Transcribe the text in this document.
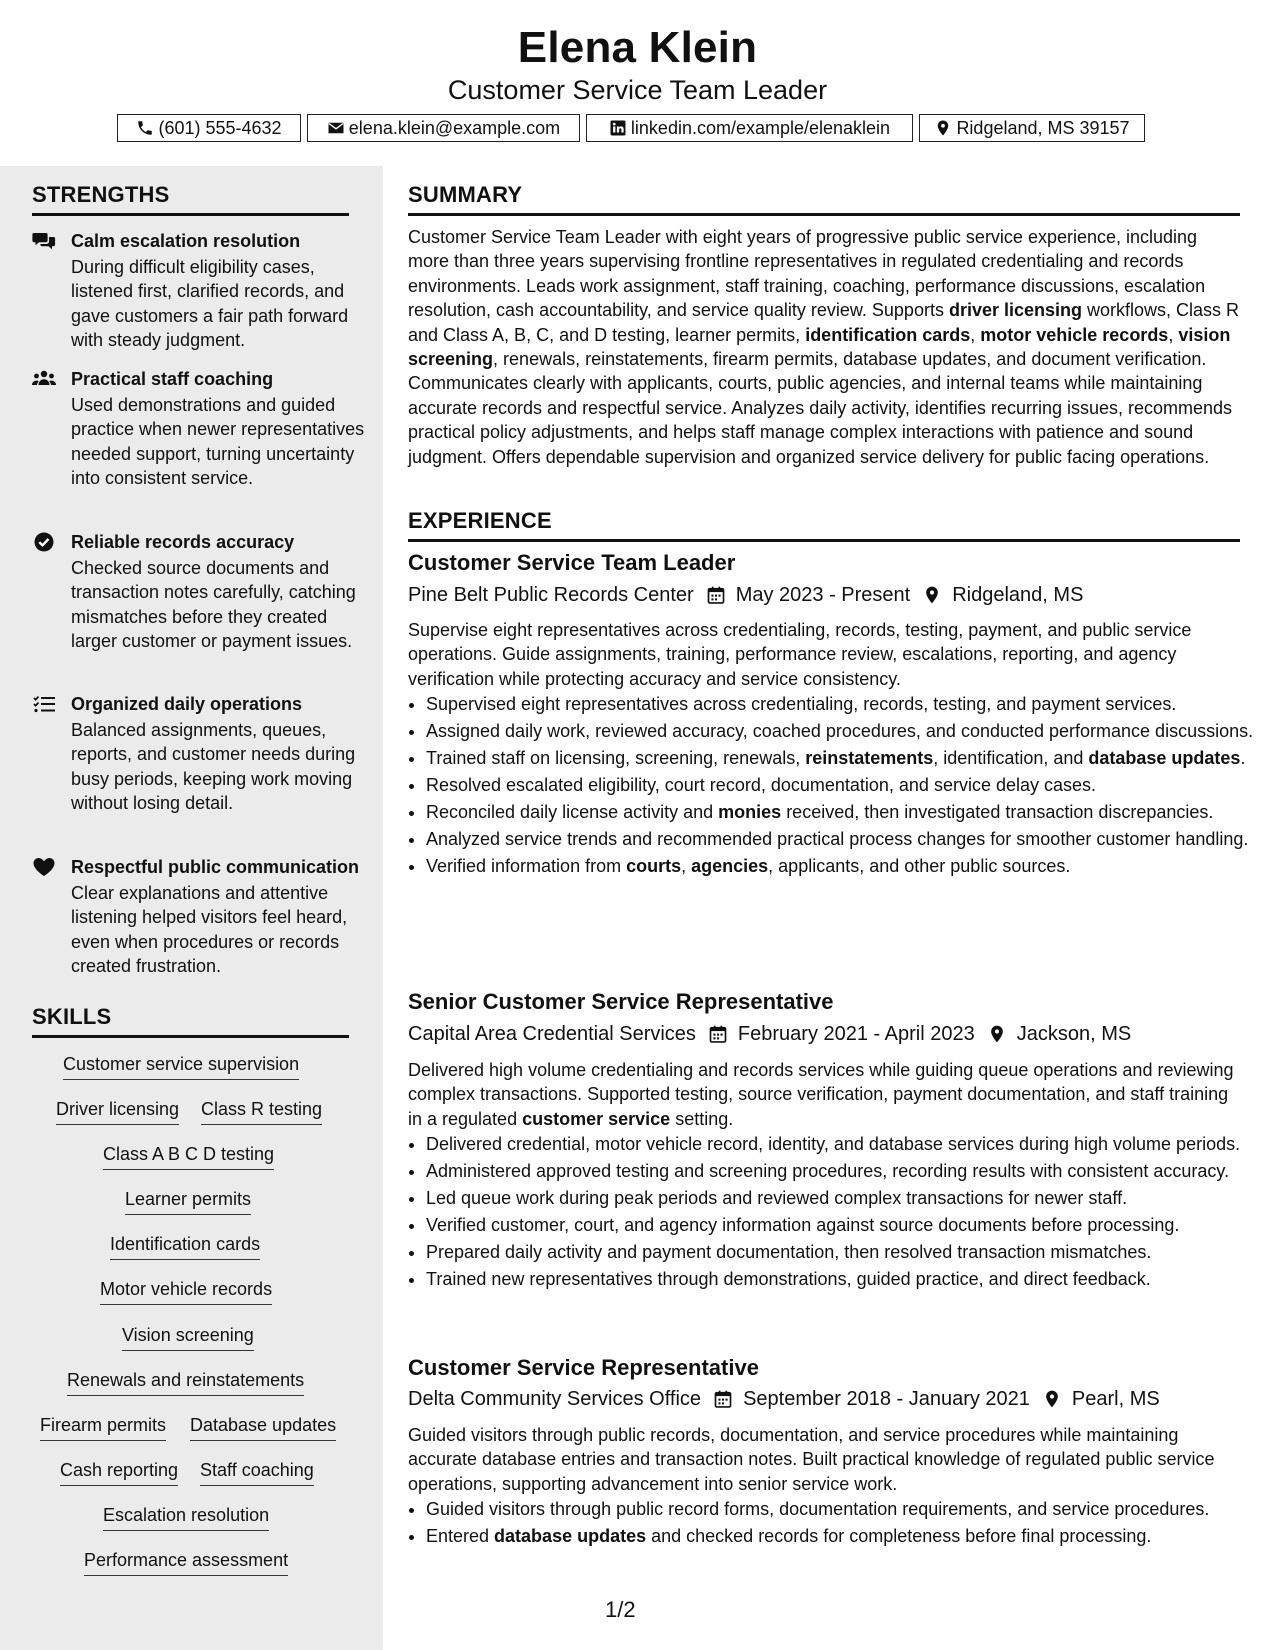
Elena Klein
Customer Service Team Leader
(601) 555-4632	elena.klein@example.com	linkedin.com/example/elenaklein	Ridgeland, MS 39157
STRENGTHS
Calm escalation resolution
During difficult eligibility cases, listened first, clarified records, and gave customers a fair path forward with steady judgment.
Practical staff coaching
Used demonstrations and guided practice when newer representatives needed support, turning uncertainty into consistent service.
Reliable records accuracy
Checked source documents and transaction notes carefully, catching mismatches before they created larger customer or payment issues.
Organized daily operations
Balanced assignments, queues, reports, and customer needs during busy periods, keeping work moving without losing detail.
Respectful public communication
Clear explanations and attentive listening helped visitors feel heard, even when procedures or records created frustration.
SKILLS
Customer service supervision
Driver licensing Class R testing
Class A B C D testing
Learner permits
Identification cards
Motor vehicle records
Vision screening
Renewals and reinstatements
Firearm permits Database updates
Cash reporting Staff coaching
Escalation resolution
Performance assessment
SUMMARY
Customer Service Team Leader with eight years of progressive public service experience, including more than three years supervising frontline representatives in regulated credentialing and records environments. Leads work assignment, staff training, coaching, performance discussions, escalation resolution, cash accountability, and service quality review. Supports driver licensing workflows, Class R and Class A, B, C, and D testing, learner permits, identification cards, motor vehicle records, vision screening, renewals, reinstatements, firearm permits, database updates, and document verification. Communicates clearly with applicants, courts, public agencies, and internal teams while maintaining accurate records and respectful service. Analyzes daily activity, identifies recurring issues, recommends practical policy adjustments, and helps staff manage complex interactions with patience and sound judgment. Offers dependable supervision and organized service delivery for public facing operations.
EXPERIENCE
Customer Service Team Leader
Pine Belt Public Records Center May 2023 - Present Ridgeland, MS
Supervise eight representatives across credentialing, records, testing, payment, and public service operations. Guide assignments, training, performance review, escalations, reporting, and agency verification while protecting accuracy and service consistency.
• Supervised eight representatives across credentialing, records, testing, and payment services.
• Assigned daily work, reviewed accuracy, coached procedures, and conducted performance discussions.
• Trained staff on licensing, screening, renewals, reinstatements, identification, and database updates.
• Resolved escalated eligibility, court record, documentation, and service delay cases.
• Reconciled daily license activity and monies received, then investigated transaction discrepancies.
• Analyzed service trends and recommended practical process changes for smoother customer handling.
• Verified information from courts, agencies, applicants, and other public sources.
Senior Customer Service Representative
Capital Area Credential Services February 2021 - April 2023 Jackson, MS
Delivered high volume credentialing and records services while guiding queue operations and reviewing complex transactions. Supported testing, source verification, payment documentation, and staff training in a regulated customer service setting.
• Delivered credential, motor vehicle record, identity, and database services during high volume periods.
• Administered approved testing and screening procedures, recording results with consistent accuracy.
• Led queue work during peak periods and reviewed complex transactions for newer staff.
• Verified customer, court, and agency information against source documents before processing.
• Prepared daily activity and payment documentation, then resolved transaction mismatches.
• Trained new representatives through demonstrations, guided practice, and direct feedback.
Customer Service Representative
Delta Community Services Office September 2018 - January 2021 Pearl, MS
Guided visitors through public records, documentation, and service procedures while maintaining accurate database entries and transaction notes. Built practical knowledge of regulated public service operations, supporting advancement into senior service work.
• Guided visitors through public record forms, documentation requirements, and service procedures.
• Entered database updates and checked records for completeness before final processing.
1/2
